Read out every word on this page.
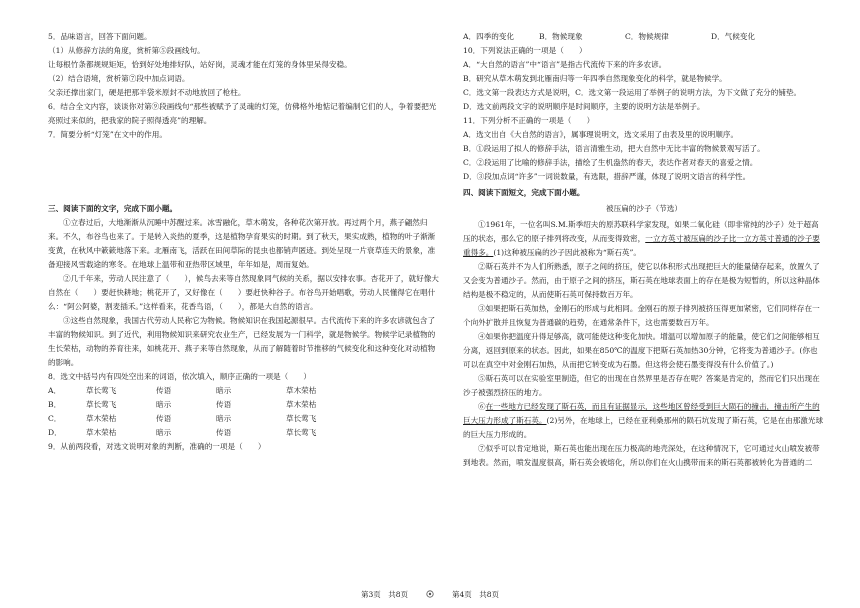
5．品味语言，回答下面问题。

（1）从修辞方法的角度，赏析第⑤段画线句。

让每根竹条都规规矩矩，恰到好处地排好队，站好岗，灵魂才能在灯笼的身体里呆得安稳。

（2）结合语境，赏析第⑦段中加点词语。

父亲还撑出家门，硬是把那半袋米原封不动地放回了枪柱。

6．结合全文内容，谈谈你对第⑨段画线句“那些被赋予了灵魂的灯笼，仿佛格外地惦记着编制它们的人，争着要把光亮照过来似的，把我家的院子照得透亮”的理解。

7．简要分析“灯笼”在文中的作用。

三、阅读下面的文字，完成下面小题。

①立春过后，大地渐渐从沉睡中苏醒过来。冰雪融化，草木萌发，各种花次第开放。再过两个月，燕子翩然归来。不久，布谷鸟也来了。于是转入炎热的夏季，这是植物孕育果实的时期。到了秋天，果实成熟，植物的叶子渐渐变黄，在秋风中簌簌地落下来。北雁南飞，活跃在田间草际的昆虫也都销声匿迹。到处呈现一片衰草连天的景象，准备迎接风雪载途的寒冬。在地球上温带和亚热带区域里，年年如是，周而复始。

②几千年来，劳动人民注意了（　　），候鸟去来等自然现象同气候的关系，据以安排农事。杏花开了，就好像大自然在（　　）要赶快耕地；桃花开了，又好像在（　　）要赶快种谷子。布谷鸟开始唱歌，劳动人民懂得它在唱什么：“阿公阿婆，割麦插禾。”这样看来，花香鸟语，（　　），都是大自然的语言。

③这些自然现象，我国古代劳动人民称它为物候。物候知识在我国起源很早。古代流传下来的许多农谚就包含了丰富的物候知识。到了近代，利用物候知识来研究农业生产，已经发展为一门科学，就是物候学。物候学记录植物的生长荣枯，动物的养育往来，如桃花开、燕子来等自然现象，从而了解随着时节推移的气候变化和这种变化对动植物的影响。

8．选文中括号内有四处空出来的词语，依次填入，顺序正确的一项是（　　）

A．	草长莺飞	传语	暗示	草木荣枯
B．	草长莺飞	暗示	传语	草木荣枯
C．	草木荣枯	传语	暗示	草长莺飞
D．	草木荣枯	暗示	传语	草长莺飞

9．从前两段看，对选文说明对象的判断，准确的一项是（　　）

A．四季的变化	B．物候现象	C．物候规律	D．气候变化

10．下列说法正确的一项是（　　）

A．“大自然的语言”中“语言”是指古代流传下来的许多农谚。

B．研究从草木萌发到北雁南归等一年四季自然现象变化的科学，就是物候学。

C．选文第一段表达方式是说明，C．选文第一段运用了举例子的说明方法，为下文做了充分的铺垫。

D．选文前两段文字的说明顺序是时间顺序，主要的说明方法是举例子。

11．下列分析不正确的一项是（　　）

A．选文出自《大自然的语言》，属事理说明文，选文采用了由表及里的说明顺序。

B．①段运用了拟人的修辞手法，语言清雅生动，把大自然中无比丰富的物候景观写活了。

C．②段运用了比喻的修辞手法，描绘了生机盎然的春天，表达作者对春天的喜爱之情。

D．③段加点词“许多”一词说数量，有选限，措辞严谨，体现了说明文语言的科学性。

四、阅读下面短文，完成下面小题。

被压扁的沙子（节选）

①1961年，一位名叫S.M.斯季绍夫的原苏联科学家发现，如果二氧化硅（即非常纯的沙子）处于超高压的状态，那么它的原子排列将改变，从而变得致密，一立方英寸被压扁的沙子比一立方英寸普通的沙子要重得多。(1)这种被压扁的沙子因此被称为“斯石英”。

②斯石英并不为人们所熟悉，原子之间的挤压，使它以体积形式出现把巨大的能量储存起来，放置久了又会变为普通沙子。然而，由于原子之间的挤压，斯石英在地球表面上的存在是极为短暂的，所以这种晶体结构是极不稳定的，从而使斯石英可保持数百万年。

③如果把斯石英加热，金刚石的形成与此相同。金刚石的原子排列被挤压得更加紧密，它们同样存在一个向外扩散并且恢复为普通碳的趋势，在通常条件下，这也需要数百万年。

④如果你把温度升得足够高，就可能使这种变化加快。增温可以增加原子的能量，使它们之间能够相互分离，返回到原来的状态。因此，如果在850℃的温度下把斯石英加热30分钟，它将变为普通沙子。(你也可以在真空中对金刚石加热，从而把它转变成为石墨。但这将会使石墨变得没有什么价值了。)

⑤斯石英可以在实验室里制造，但它的出现在自然界里是否存在呢？答案是肯定的，然而它们只出现在沙子被强烈挤压的地方。

⑥在一些地方已经发现了斯石英，而且有证据显示，这些地区曾经受到巨大陨石的撞击，撞击所产生的巨大压力形成了斯石英。(2)另外，在地球上，已经在亚利桑那州的陨石坑发现了斯石英，它是在由那激光球的巨大压力形成的。

⑦似乎可以肯定地说，斯石英也能出现在压力极高的地壳深处，在这种情况下，它可通过火山喷发被带到地表。然而，喷发温度很高，斯石英会被熔化，所以你们在火山携带而来的斯石英都被转化为普通的二

第3页　共8页	第4页　共8页
